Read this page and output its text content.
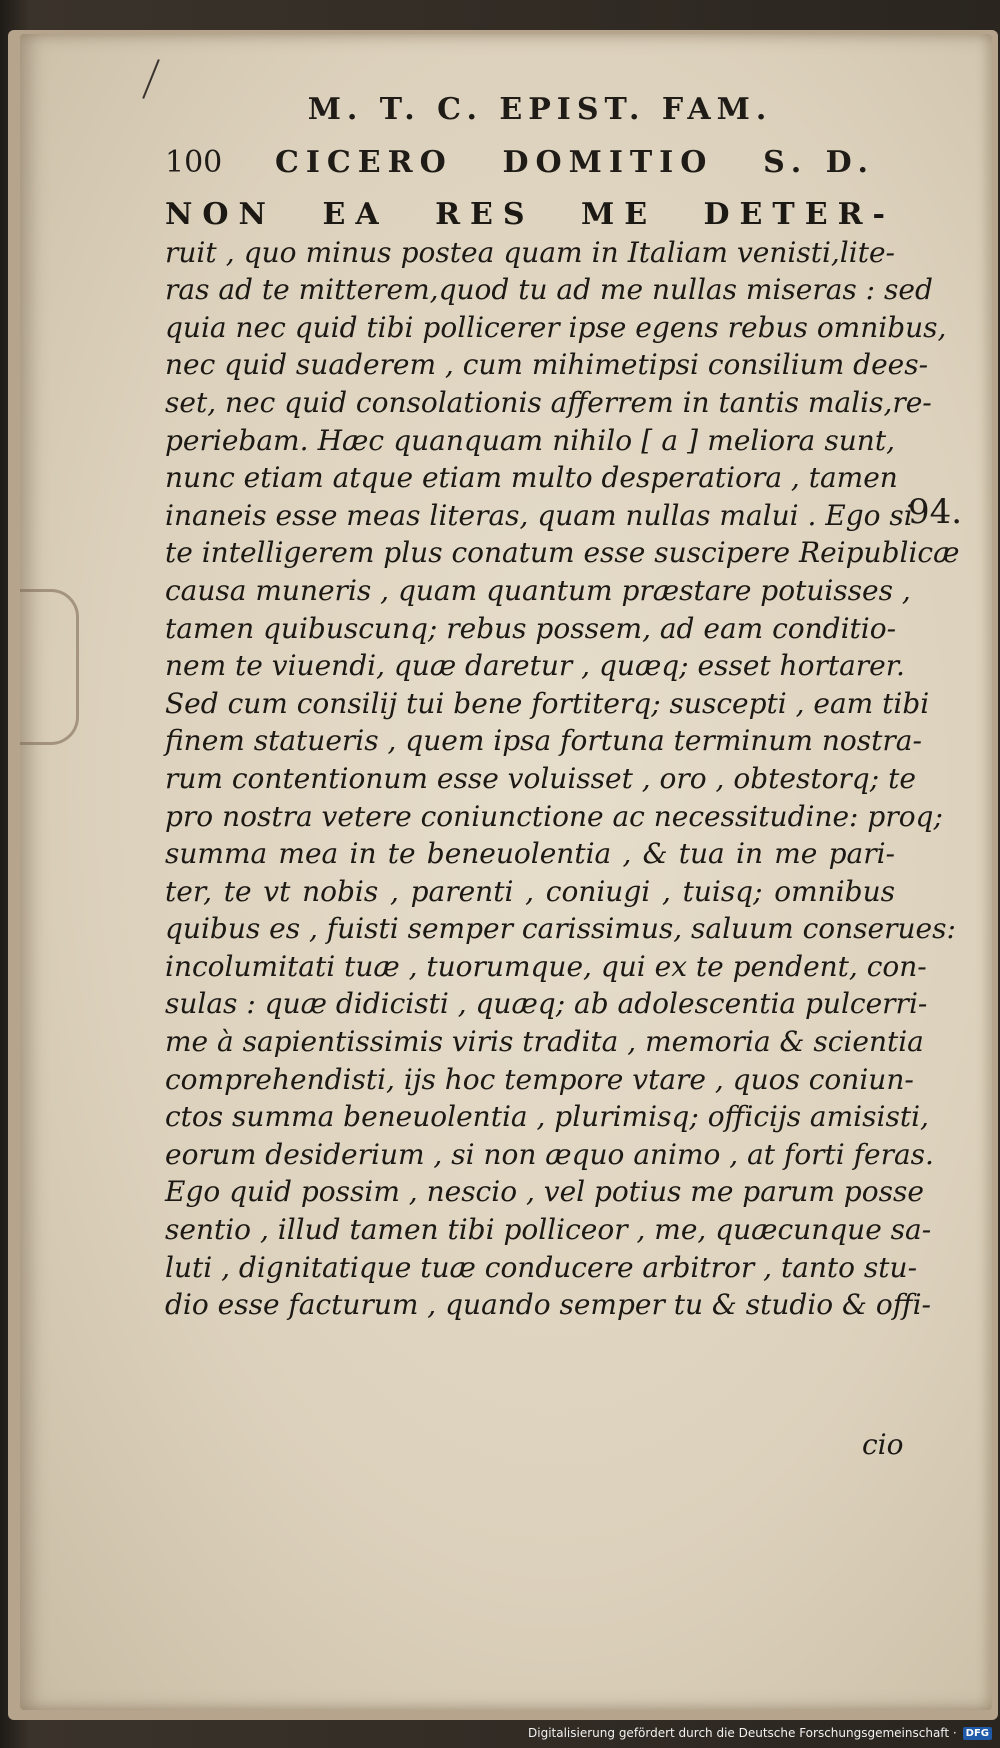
M. T. C. EPIST. FAM.
100	CICERO DOMITIO S. D.
NON EA RES ME DETER-
ruit , quo minus postea quam in Italiam venisti,lite-
ras ad te mitterem,quod tu ad me nullas miseras : sed
quia nec quid tibi pollicerer ipse egens rebus omnibus,
nec quid suaderem , cum mihimetipsi consilium dees-
set, nec quid consolationis afferrem in tantis malis,re-
periebam. Hæc quanquam nihilo [ a ] meliora sunt,
nunc etiam atque etiam multo desperatiora , tamen
inaneis esse meas literas, quam nullas malui . Ego si
te intelligerem plus conatum esse suscipere Reipublicæ
causa muneris , quam quantum præstare potuisses ,
tamen quibuscunq; rebus possem, ad eam conditio-
nem te viuendi, quæ daretur , quæq; esset hortarer.
Sed cum consilij tui bene fortiterq; suscepti , eam tibi
finem statueris , quem ipsa fortuna terminum nostra-
rum contentionum esse voluisset , oro , obtestorq; te
pro nostra vetere coniunctione ac necessitudine: proq;
summa mea in te beneuolentia , & tua in me pari-
ter, te vt nobis , parenti , coniugi , tuisq; omnibus
quibus es , fuisti semper carissimus, saluum conserues:
incolumitati tuæ , tuorumque, qui ex te pendent, con-
sulas : quæ didicisti , quæq; ab adolescentia pulcerri-
me à sapientissimis viris tradita , memoria & scientia
comprehendisti, ijs hoc tempore vtare , quos coniun-
ctos summa beneuolentia , plurimisq; officijs amisisti,
eorum desiderium , si non æquo animo , at forti feras.
Ego quid possim , nescio , vel potius me parum posse
sentio , illud tamen tibi polliceor , me, quæcunque sa-
luti , dignitatique tuæ conducere arbitror , tanto stu-
dio esse facturum , quando semper tu & studio & offi-
94.
cio
Digitalisierung gefördert durch die Deutsche Forschungsgemeinschaft · DFG
